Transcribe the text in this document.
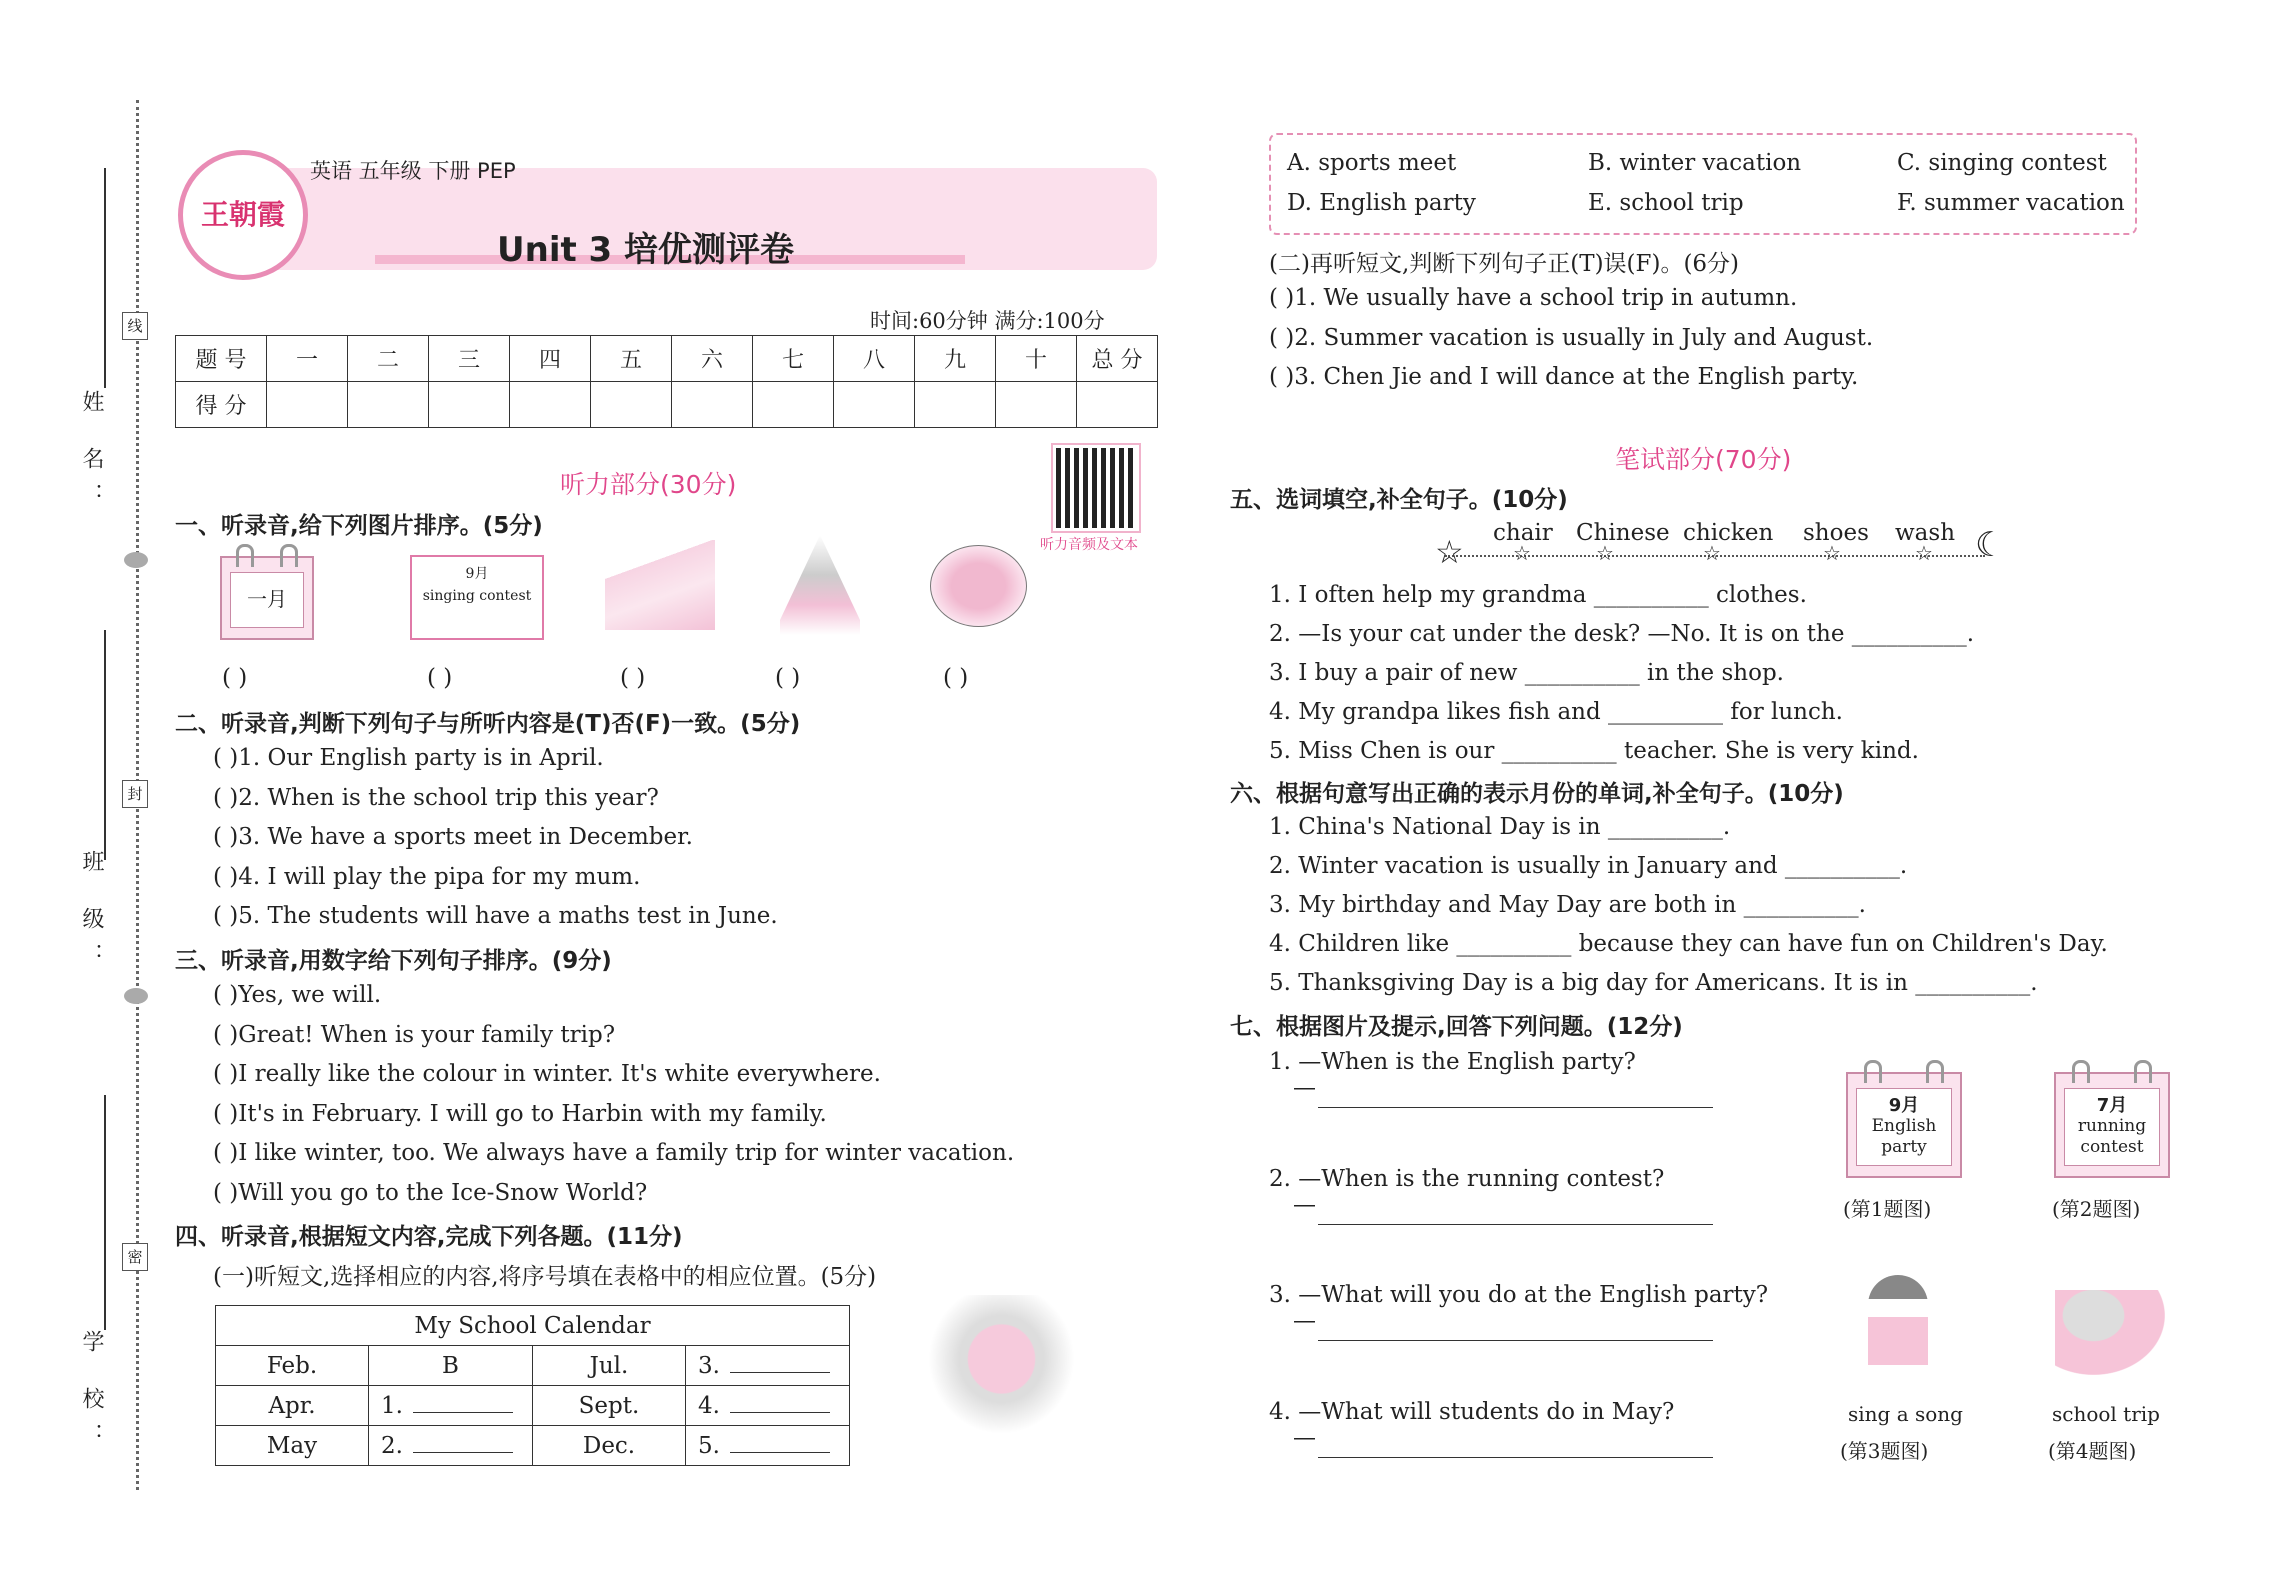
姓 名：
班 级：
学 校：
线
封
密
王朝霞
英语 五年级 下册 PEP
Unit 3 培优测评卷
时间:60分钟 满分:100分
题 号	一	二	三	四	五	六	七	八	九	十	总 分
得 分											
听力部分(30分)
听力音频及文本
一、听录音,给下列图片排序。(5分)
一月
9月
singing contest
( )	( )	( )	( )	( )
二、听录音,判断下列句子与所听内容是(T)否(F)一致。(5分)
三、听录音,用数字给下列句子排序。(9分)
四、听录音,根据短文内容,完成下列各题。(11分)
(一)听短文,选择相应的内容,将序号填在表格中的相应位置。(5分)
My School Calendar			
Feb.	B	Jul.	3.
Apr.	1.	Sept.	4.
May	2.	Dec.	5.
(二)再听短文,判断下列句子正(T)误(F)。(6分)
笔试部分(70分)
五、选词填空,补全句子。(10分)
☆	☾
六、根据句意写出正确的表示月份的单词,补全句子。(10分)
七、根据图片及提示,回答下列问题。(12分)
9月
English party
7月
running contest
(第1题图)	(第2题图)
sing a song	school trip
(第3题图)	(第4题图)
( )1. Our English party is in April.
( )2. When is the school trip this year?
( )3. We have a sports meet in December.
( )4. I will play the pipa for my mum.
( )5. The students will have a maths test in June.
( )Yes, we will.
( )Great! When is your family trip?
( )I really like the colour in winter. It's white everywhere.
( )It's in February. I will go to Harbin with my family.
( )I like winter, too. We always have a family trip for winter vacation.
( )Will you go to the Ice-Snow World?
( )1. We usually have a school trip in autumn.
( )2. Summer vacation is usually in July and August.
( )3. Chen Jie and I will dance at the English party.
1. I often help my grandma __________ clothes.
2. —Is your cat under the desk? —No. It is on the __________.
3. I buy a pair of new __________ in the shop.
4. My grandpa likes fish and __________ for lunch.
5. Miss Chen is our __________ teacher. She is very kind.
1. China's National Day is in __________.
2. Winter vacation is usually in January and __________.
3. My birthday and May Day are both in __________.
4. Children like __________ because they can have fun on Children's Day.
5. Thanksgiving Day is a big day for Americans. It is in __________.
A. sports meet	B. winter vacation	C. singing contest
D. English party	E. school trip	F. summer vacation
chair
☆
Chinese
☆
chicken
☆
shoes
☆
wash
☆
1. —When is the English party?
—
2. —When is the running contest?
—
3. —What will you do at the English party?
—
4. —What will students do in May?
—
